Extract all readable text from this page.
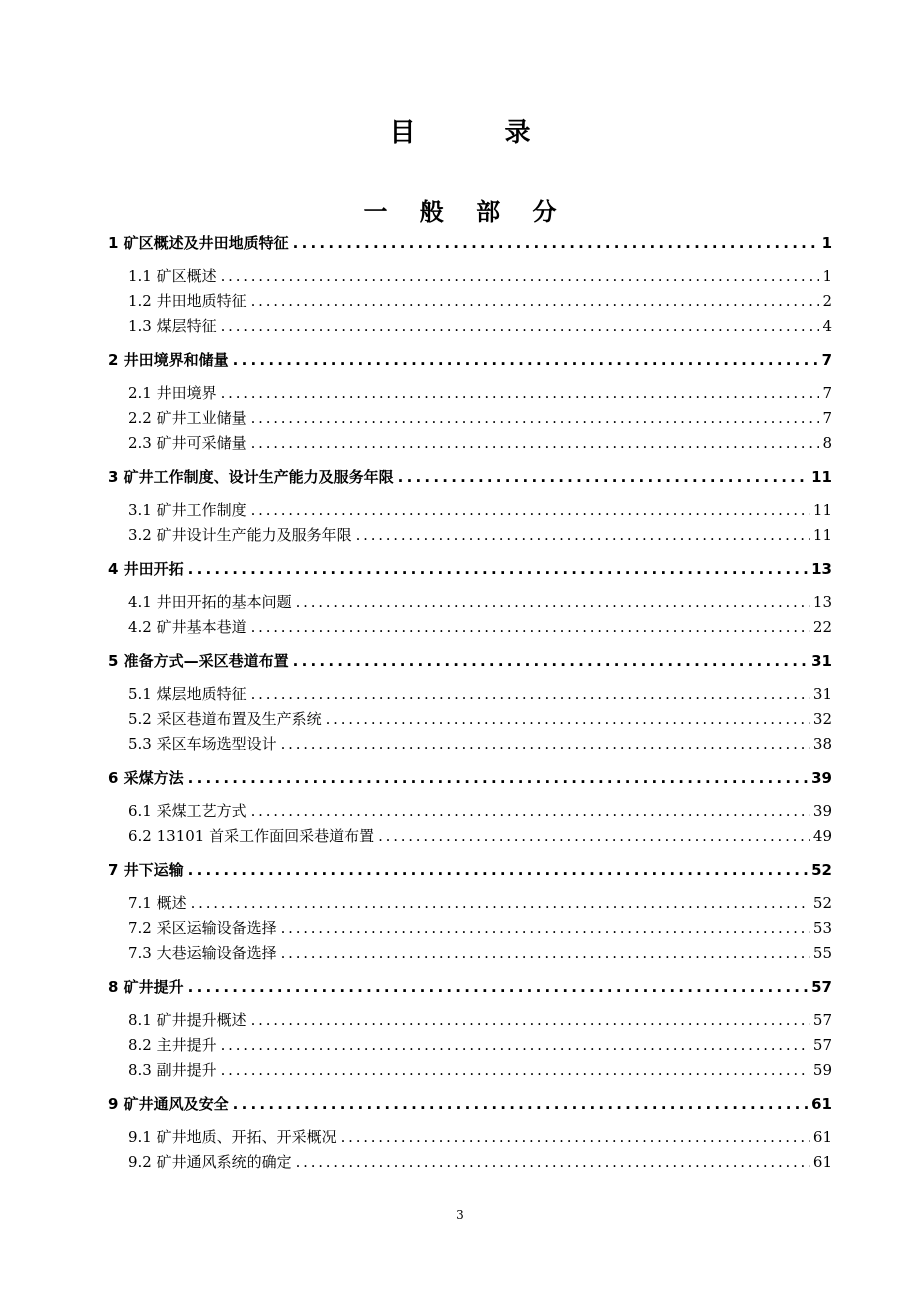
目 录
一 般 部 分
1 矿区概述及井田地质特征 . . .	1
1.1 矿区概述 . . .	1
1.2 井田地质特征 . . .	2
1.3 煤层特征 . . .	4
2 井田境界和储量 . . .	7
2.1 井田境界 . . .	7
2.2 矿井工业储量 . . .	7
2.3 矿井可采储量 . . .	8
3 矿井工作制度、设计生产能力及服务年限 . . .	11
3.1 矿井工作制度 . . .	11
3.2 矿井设计生产能力及服务年限 . . .	11
4 井田开拓 . . .	13
4.1 井田开拓的基本问题 . . .	13
4.2 矿井基本巷道 . . .	22
5 准备方式—采区巷道布置 . . .	31
5.1 煤层地质特征 . . .	31
5.2 采区巷道布置及生产系统 . . .	32
5.3 采区车场选型设计 . . .	38
6 采煤方法 . . .	39
6.1 采煤工艺方式 . . .	39
6.2 13101 首采工作面回采巷道布置 . . .	49
7 井下运输 . . .	52
7.1 概述 . . .	52
7.2 采区运输设备选择 . . .	53
7.3 大巷运输设备选择 . . .	55
8 矿井提升 . . .	57
8.1 矿井提升概述 . . .	57
8.2 主井提升 . . .	57
8.3 副井提升 . . .	59
9 矿井通风及安全 . . .	61
9.1 矿井地质、开拓、开采概况 . . .	61
9.2 矿井通风系统的确定 . . .	61
3
